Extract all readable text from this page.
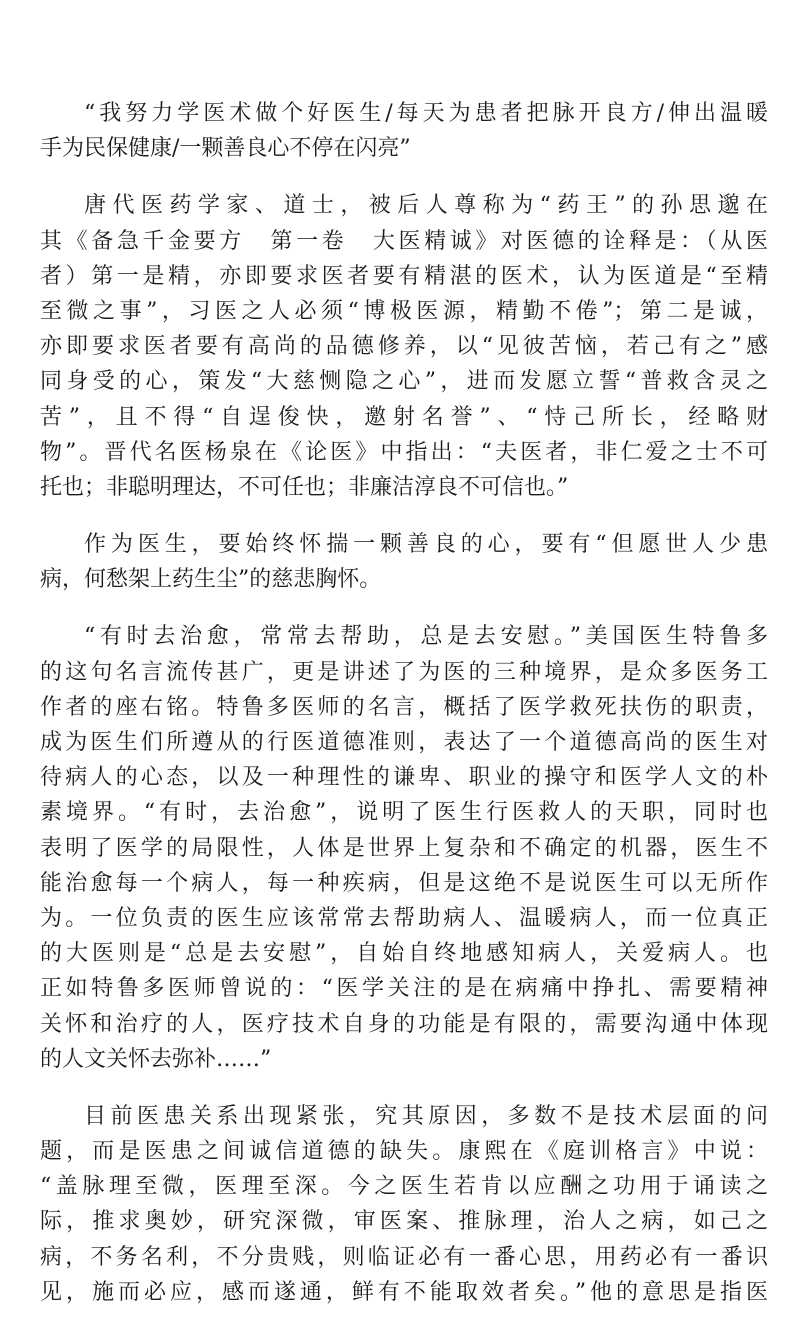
“我努力学医术做个好医生/每天为患者把脉开良方/伸出温暖
手为民保健康/一颗善良心不停在闪亮”

唐代医药学家、道士，被后人尊称为“药王”的孙思邈在
其《备急千金要方　第一卷　大医精诚》对医德的诠释是：（从医
者）第一是精，亦即要求医者要有精湛的医术，认为医道是“至精
至微之事”，习医之人必须“博极医源，精勤不倦”；第二是诚，
亦即要求医者要有高尚的品德修养，以“见彼苦恼，若己有之”感
同身受的心，策发“大慈恻隐之心”，进而发愿立誓“普救含灵之
苦”，且不得“自逞俊快，邀射名誉”、“恃己所长，经略财
物”。晋代名医杨泉在《论医》中指出：“夫医者，非仁爱之士不可
托也；非聪明理达，不可任也；非廉洁淳良不可信也。”

作为医生，要始终怀揣一颗善良的心，要有“但愿世人少患
病，何愁架上药生尘”的慈悲胸怀。

“有时去治愈，常常去帮助，总是去安慰。”美国医生特鲁多
的这句名言流传甚广，更是讲述了为医的三种境界，是众多医务工
作者的座右铭。特鲁多医师的名言，概括了医学救死扶伤的职责，
成为医生们所遵从的行医道德准则，表达了一个道德高尚的医生对
待病人的心态，以及一种理性的谦卑、职业的操守和医学人文的朴
素境界。“有时，去治愈”，说明了医生行医救人的天职，同时也
表明了医学的局限性，人体是世界上复杂和不确定的机器，医生不
能治愈每一个病人，每一种疾病，但是这绝不是说医生可以无所作
为。一位负责的医生应该常常去帮助病人、温暖病人，而一位真正
的大医则是“总是去安慰”，自始自终地感知病人，关爱病人。也
正如特鲁多医师曾说的：“医学关注的是在病痛中挣扎、需要精神
关怀和治疗的人，医疗技术自身的功能是有限的，需要沟通中体现
的人文关怀去弥补……”

目前医患关系出现紧张，究其原因，多数不是技术层面的问
题，而是医患之间诚信道德的缺失。康熙在《庭训格言》中说：
“盖脉理至微，医理至深。今之医生若肯以应酬之功用于诵读之
际，推求奥妙，研究深微，审医案、推脉理，治人之病，如己之
病，不务名利，不分贵贱，则临证必有一番心思，用药必有一番识
见，施而必应，感而遂通，鲜有不能取效者矣。”他的意思是指医
